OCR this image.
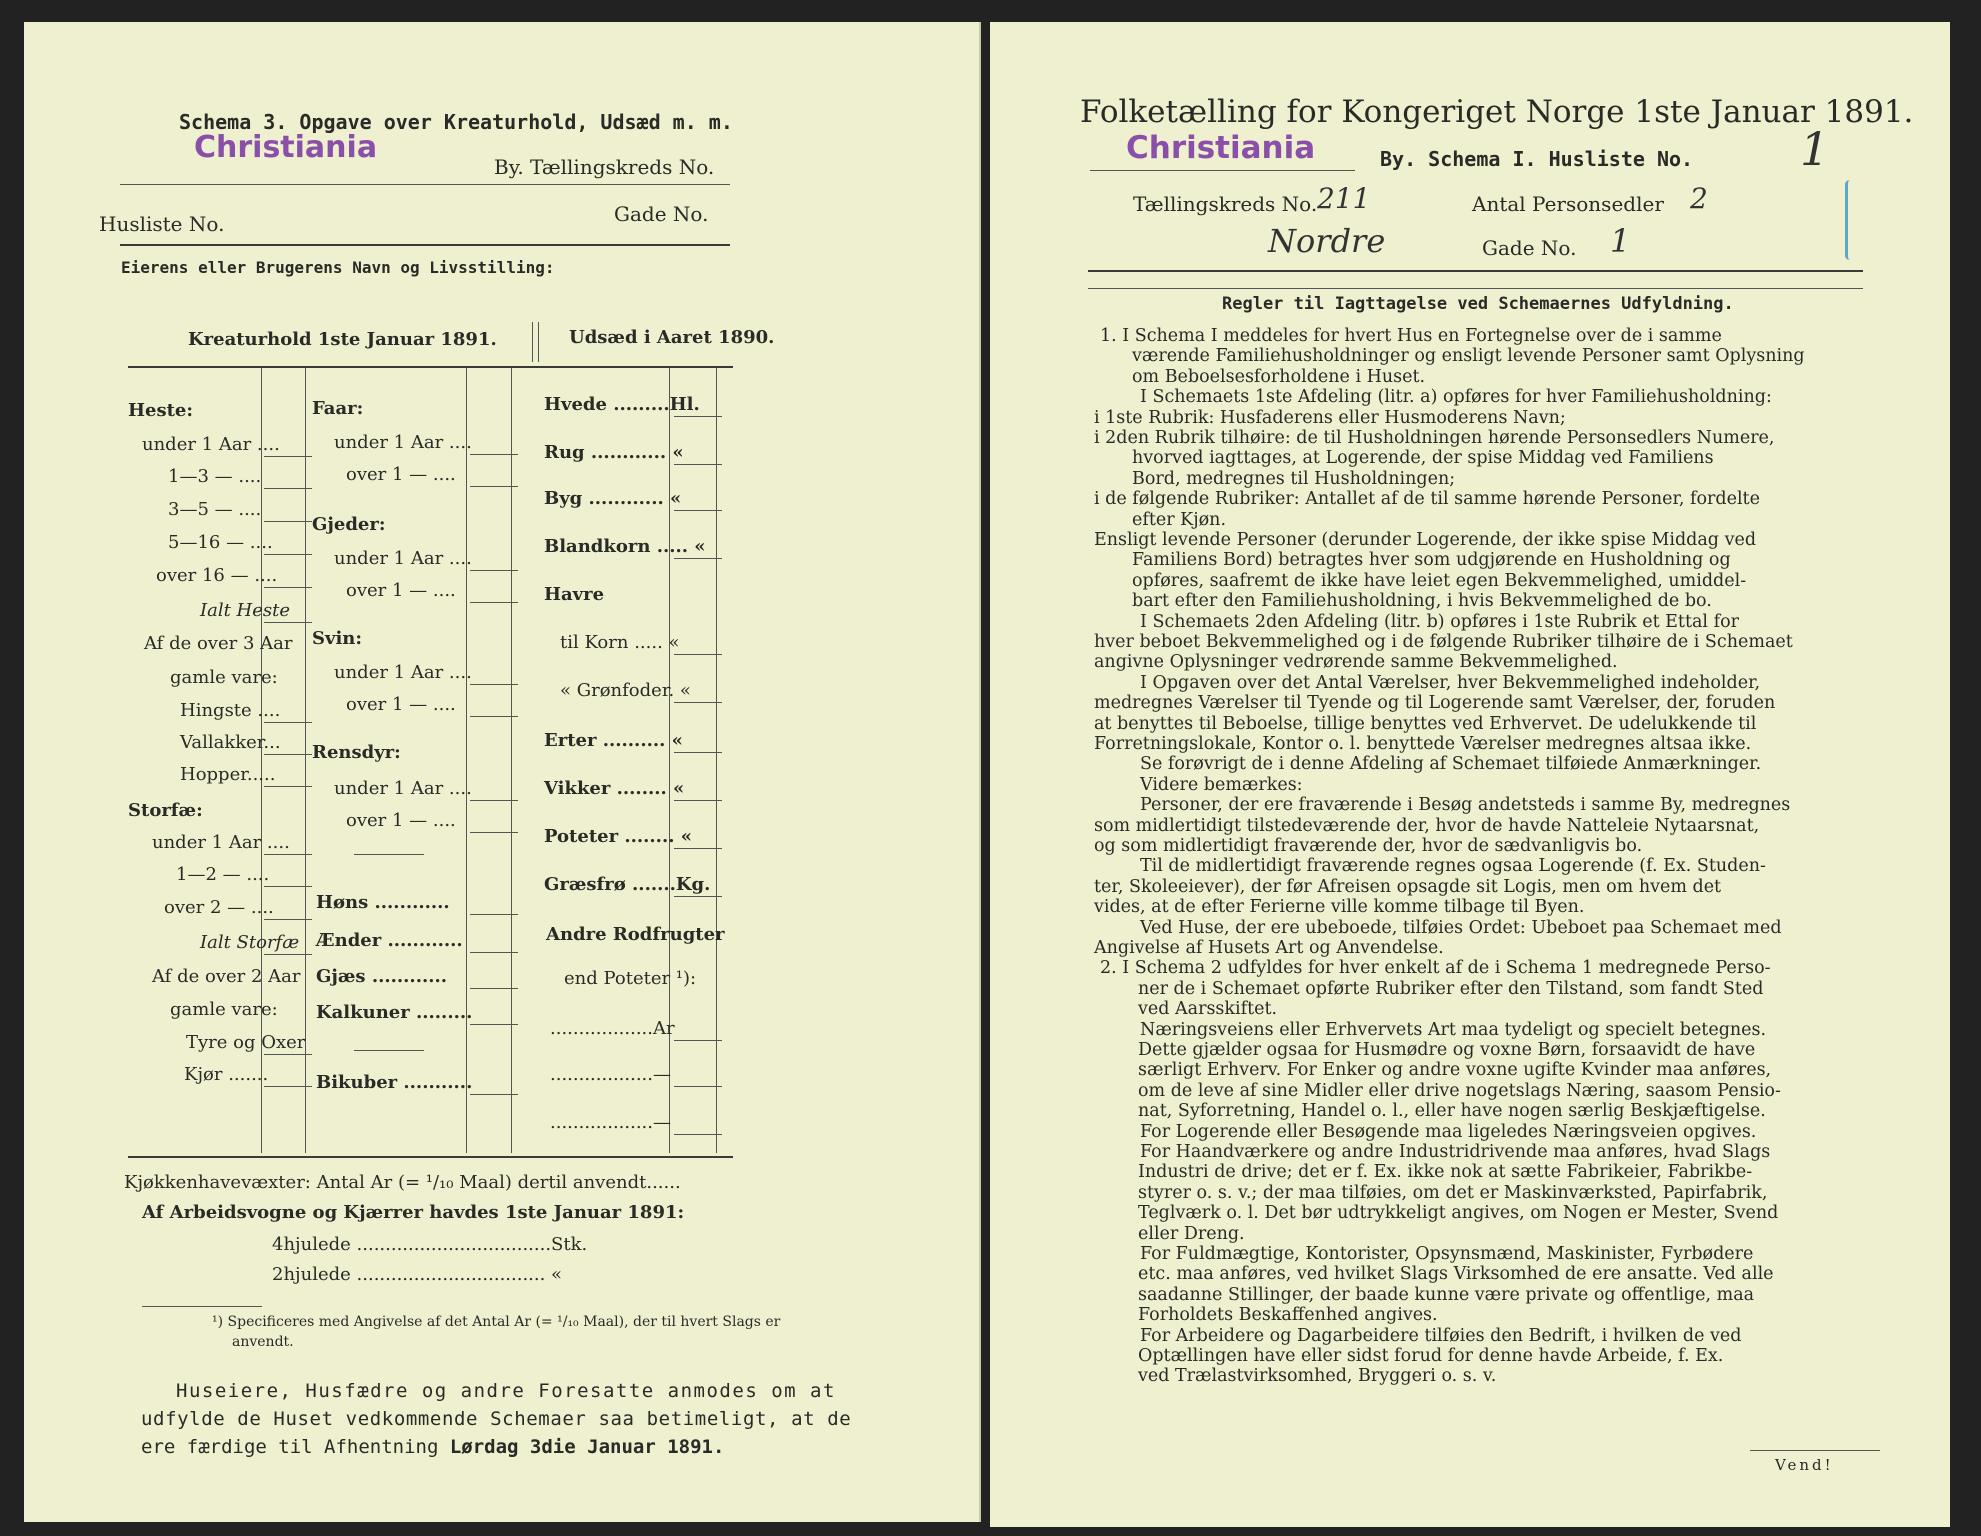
Schema 3. Opgave over Kreaturhold, Udsæd m. m.
Christiania
By. Tællingskreds No.
Husliste No.	Gade No.
Eierens eller Brugerens Navn og Livsstilling:
Kreaturhold 1ste Januar 1891.	Udsæd i Aaret 1890.
Heste:
under 1 Aar ....
1—3 — ....
3—5 — ....
5—16 — ....
over 16 — ....
Ialt Heste
Af de over 3 Aar
gamle vare:
Hingste ....
Vallakker...
Hopper.....
Storfæ:
under 1 Aar ....
1—2 — ....
over 2 — ....
Ialt Storfæ
Af de over 2 Aar
gamle vare:
Tyre og Oxer
Kjør .......
Faar:
under 1 Aar ....
over 1 — ....
Gjeder:
under 1 Aar ....
over 1 — ....
Svin:
under 1 Aar ....
over 1 — ....
Rensdyr:
under 1 Aar ....
over 1 — ....
Høns ............
Ænder ............
Gjæs ............
Kalkuner .........
Bikuber ...........
Hvede .........Hl.
Rug ............ «
Byg ............ «
Blandkorn ..... «
Havre
til Korn ..... «
« Grønfoder. «
Erter .......... «
Vikker ........ «
Poteter ........ «
Græsfrø .......Kg.
Andre Rodfrugter
end Poteter ¹):
..................Ar
..................—
..................—
Kjøkkenhavevæxter: Antal Ar (= ¹/₁₀ Maal) dertil anvendt......
Af Arbeidsvogne og Kjærrer havdes 1ste Januar 1891:
4hjulede ..................................Stk.
2hjulede ................................. «
¹) Specificeres med Angivelse af det Antal Ar (= ¹/₁₀ Maal), der til hvert Slags er
anvendt.
Huseiere, Husfædre og andre Foresatte anmodes om at
udfylde de Huset vedkommende Schemaer saa betimeligt, at de
ere færdige til Afhentning Lørdag 3die Januar 1891.
Folketælling for Kongeriget Norge 1ste Januar 1891.
Christiania	By. Schema I. Husliste No. 1
Tællingskreds No. 211	Antal Personsedler 2
Nordre	Gade No. 1
Regler til Iagttagelse ved Schemaernes Udfyldning.
1. I Schema I meddeles for hvert Hus en Fortegnelse over de i samme
værende Familiehusholdninger og ensligt levende Personer samt Oplysning
om Beboelsesforholdene i Huset.
I Schemaets 1ste Afdeling (litr. a) opføres for hver Familiehusholdning:
i 1ste Rubrik: Husfaderens eller Husmoderens Navn;
i 2den Rubrik tilhøire: de til Husholdningen hørende Personsedlers Numere,
hvorved iagttages, at Logerende, der spise Middag ved Familiens
Bord, medregnes til Husholdningen;
i de følgende Rubriker: Antallet af de til samme hørende Personer, fordelte
efter Kjøn.
Ensligt levende Personer (derunder Logerende, der ikke spise Middag ved
Familiens Bord) betragtes hver som udgjørende en Husholdning og
opføres, saafremt de ikke have leiet egen Bekvemmelighed, umiddel-
bart efter den Familiehusholdning, i hvis Bekvemmelighed de bo.
I Schemaets 2den Afdeling (litr. b) opføres i 1ste Rubrik et Ettal for
hver beboet Bekvemmelighed og i de følgende Rubriker tilhøire de i Schemaet
angivne Oplysninger vedrørende samme Bekvemmelighed.
I Opgaven over det Antal Værelser, hver Bekvemmelighed indeholder,
medregnes Værelser til Tyende og til Logerende samt Værelser, der, foruden
at benyttes til Beboelse, tillige benyttes ved Erhvervet. De udelukkende til
Forretningslokale, Kontor o. l. benyttede Værelser medregnes altsaa ikke.
Se forøvrigt de i denne Afdeling af Schemaet tilføiede Anmærkninger.
Videre bemærkes:
Personer, der ere fraværende i Besøg andetsteds i samme By, medregnes
som midlertidigt tilstedeværende der, hvor de havde Natteleie Nytaarsnat,
og som midlertidigt fraværende der, hvor de sædvanligvis bo.
Til de midlertidigt fraværende regnes ogsaa Logerende (f. Ex. Studen-
ter, Skoleeiever), der før Afreisen opsagde sit Logis, men om hvem det
vides, at de efter Ferierne ville komme tilbage til Byen.
Ved Huse, der ere ubeboede, tilføies Ordet: Ubeboet paa Schemaet med
Angivelse af Husets Art og Anvendelse.
2. I Schema 2 udfyldes for hver enkelt af de i Schema 1 medregnede Perso-
ner de i Schemaet opførte Rubriker efter den Tilstand, som fandt Sted
ved Aarsskiftet.
Næringsveiens eller Erhvervets Art maa tydeligt og specielt betegnes.
Dette gjælder ogsaa for Husmødre og voxne Børn, forsaavidt de have
særligt Erhverv. For Enker og andre voxne ugifte Kvinder maa anføres,
om de leve af sine Midler eller drive nogetslags Næring, saasom Pensio-
nat, Syforretning, Handel o. l., eller have nogen særlig Beskjæftigelse.
For Logerende eller Besøgende maa ligeledes Næringsveien opgives.
For Haandværkere og andre Industridrivende maa anføres, hvad Slags
Industri de drive; det er f. Ex. ikke nok at sætte Fabrikeier, Fabrikbe-
styrer o. s. v.; der maa tilføies, om det er Maskinværksted, Papirfabrik,
Teglværk o. l. Det bør udtrykkeligt angives, om Nogen er Mester, Svend
eller Dreng.
For Fuldmægtige, Kontorister, Opsynsmænd, Maskinister, Fyrbødere
etc. maa anføres, ved hvilket Slags Virksomhed de ere ansatte. Ved alle
saadanne Stillinger, der baade kunne være private og offentlige, maa
Forholdets Beskaffenhed angives.
For Arbeidere og Dagarbeidere tilføies den Bedrift, i hvilken de ved
Optællingen have eller sidst forud for denne havde Arbeide, f. Ex.
ved Trælastvirksomhed, Bryggeri o. s. v.
Vend!
